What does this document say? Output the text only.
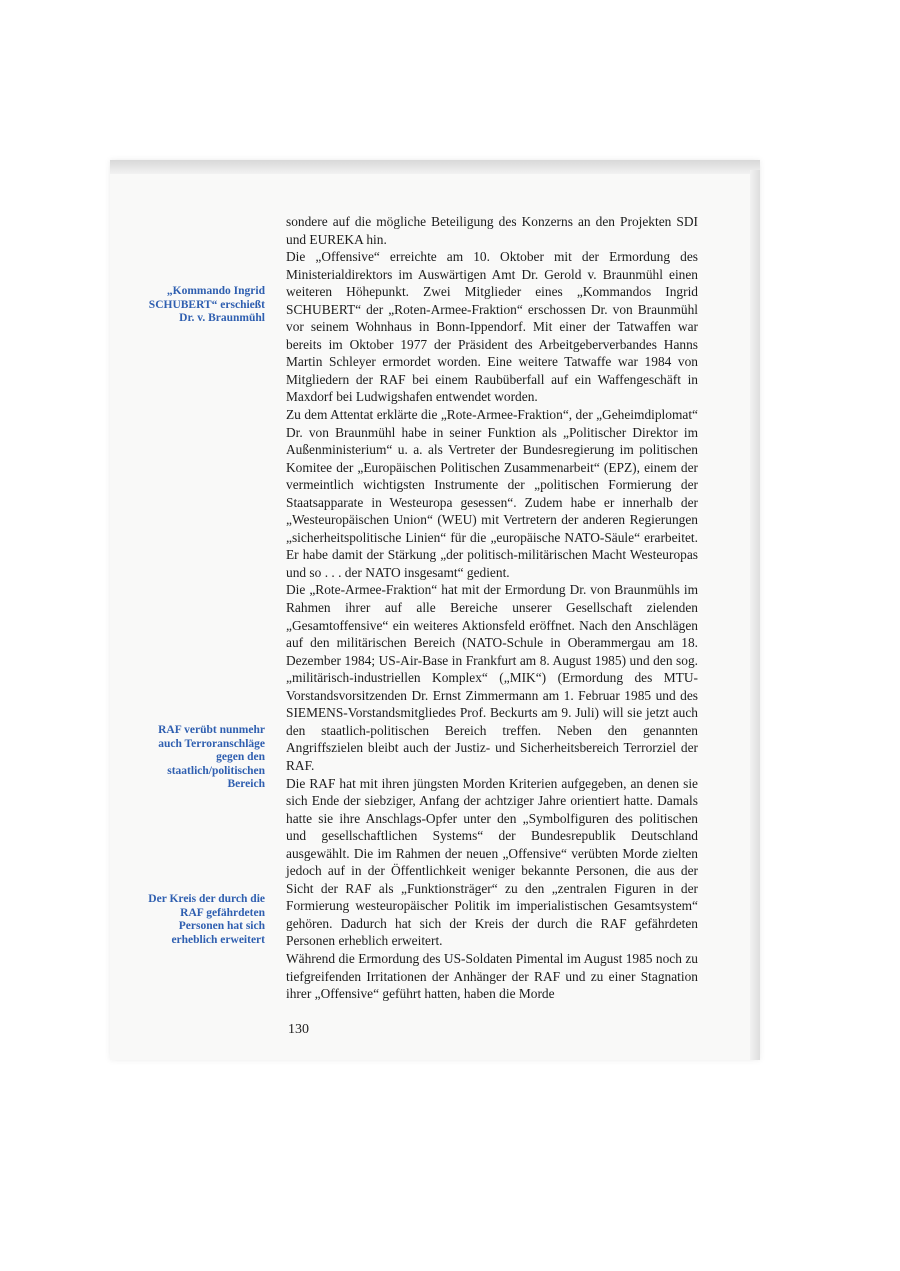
„Kommando Ingrid SCHUBERT“ erschießt Dr. v. Braunmühl
RAF verübt nunmehr auch Terroranschläge gegen den staatlich/politischen Bereich
Der Kreis der durch die RAF gefährdeten Personen hat sich erheblich erweitert

sondere auf die mögliche Beteiligung des Konzerns an den Projekten SDI und EUREKA hin.

Die „Offensive“ erreichte am 10. Oktober mit der Ermordung des Ministerialdirektors im Auswärtigen Amt Dr. Gerold v. Braunmühl einen weiteren Höhepunkt. Zwei Mitglieder eines „Kommandos Ingrid SCHUBERT“ der „Roten-Armee-Fraktion“ erschossen Dr. von Braunmühl vor seinem Wohnhaus in Bonn-Ippendorf. Mit einer der Tatwaffen war bereits im Oktober 1977 der Präsident des Arbeitgeberverbandes Hanns Martin Schleyer ermordet worden. Eine weitere Tatwaffe war 1984 von Mitgliedern der RAF bei einem Raubüberfall auf ein Waffengeschäft in Maxdorf bei Ludwigshafen entwendet worden.

Zu dem Attentat erklärte die „Rote-Armee-Fraktion“, der „Geheimdiplomat“ Dr. von Braunmühl habe in seiner Funktion als „Politischer Direktor im Außenministerium“ u. a. als Vertreter der Bundesregierung im politischen Komitee der „Europäischen Politischen Zusammenarbeit“ (EPZ), einem der vermeintlich wichtigsten Instrumente der „politischen Formierung der Staatsapparate in Westeuropa gesessen“. Zudem habe er innerhalb der „Westeuropäischen Union“ (WEU) mit Vertretern der anderen Regierungen „sicherheitspolitische Linien“ für die „europäische NATO-Säule“ erarbeitet. Er habe damit der Stärkung „der politisch-militärischen Macht Westeuropas und so . . . der NATO insgesamt“ gedient.

Die „Rote-Armee-Fraktion“ hat mit der Ermordung Dr. von Braunmühls im Rahmen ihrer auf alle Bereiche unserer Gesellschaft zielenden „Gesamtoffensive“ ein weiteres Aktionsfeld eröffnet. Nach den Anschlägen auf den militärischen Bereich (NATO-Schule in Oberammergau am 18. Dezember 1984; US-Air-Base in Frankfurt am 8. August 1985) und den sog. „militärisch-industriellen Komplex“ („MIK“) (Ermordung des MTU-Vorstandsvorsitzenden Dr. Ernst Zimmermann am 1. Februar 1985 und des SIEMENS-Vorstandsmitgliedes Prof. Beckurts am 9. Juli) will sie jetzt auch den staatlich-politischen Bereich treffen. Neben den genannten Angriffszielen bleibt auch der Justiz- und Sicherheitsbereich Terrorziel der RAF.

Die RAF hat mit ihren jüngsten Morden Kriterien aufgegeben, an denen sie sich Ende der siebziger, Anfang der achtziger Jahre orientiert hatte. Damals hatte sie ihre Anschlags-Opfer unter den „Symbolfiguren des politischen und gesellschaftlichen Systems“ der Bundesrepublik Deutschland ausgewählt. Die im Rahmen der neuen „Offensive“ verübten Morde zielten jedoch auf in der Öffentlichkeit weniger bekannte Personen, die aus der Sicht der RAF als „Funktionsträger“ zu den „zentralen Figuren in der Formierung westeuropäischer Politik im imperialistischen Gesamtsystem“ gehören. Dadurch hat sich der Kreis der durch die RAF gefährdeten Personen erheblich erweitert.

Während die Ermordung des US-Soldaten Pimental im August 1985 noch zu tiefgreifenden Irritationen der Anhänger der RAF und zu einer Stagnation ihrer „Offensive“ geführt hatten, haben die Morde

130
